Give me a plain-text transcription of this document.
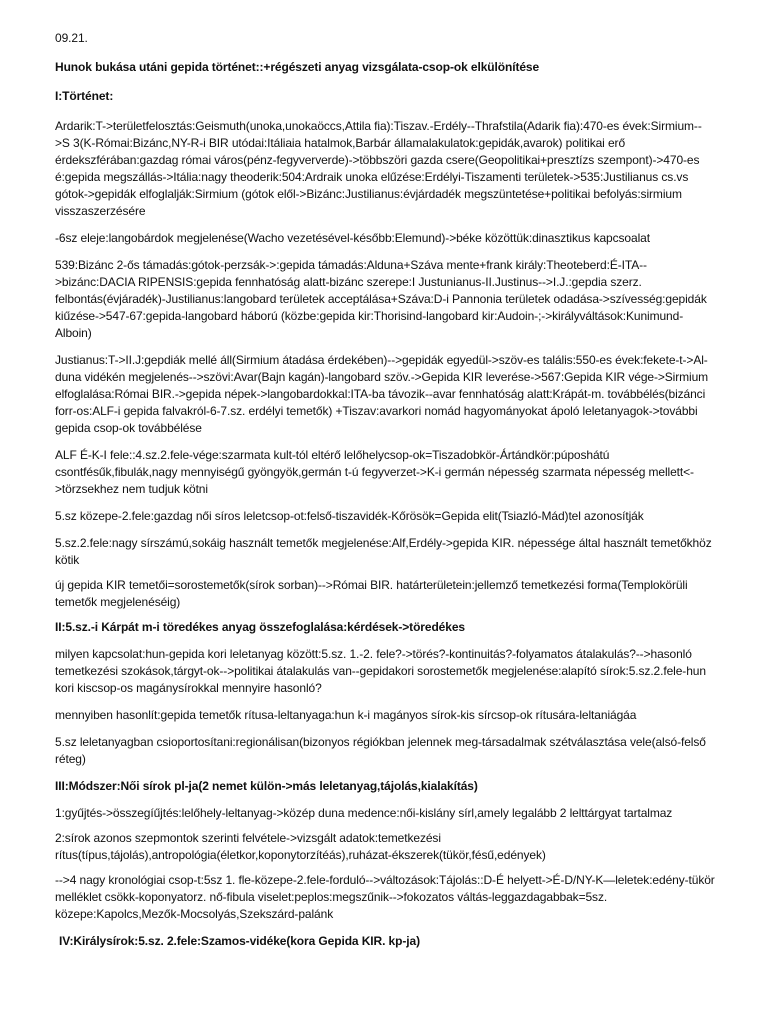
09.21.

Hunok bukása utáni gepida történet::+régészeti anyag vizsgálata-csop-ok elkülönítése

I:Történet:

Ardarik:T->területfelosztás:Geismuth(unoka,unokaöccs,Attila fia):Tiszav.-Erdély--Thrafstila(Adarik fia):470-es évek:Sirmium-->S 3(K-Római:Bizánc,NY-R-i BIR utódai:Itáliaia hatalmok,Barbár államalakulatok:gepidák,avarok) politikai erő érdekszférában:gazdag római város(pénz-fegyververde)->többszöri gazda csere(Geopolitikai+presztízs szempont)->470-es é:gepida megszállás->Itália:nagy theoderik:504:Ardraik unoka elűzése:Erdélyi-Tiszamenti területek->535:Justilianus cs.vs gótok->gepidák elfoglalják:Sirmium (gótok elől->Bizánc:Justilianus:évjárdadék megszüntetése+politikai befolyás:sirmium visszaszerzésére

-6sz eleje:langobárdok megjelenése(Wacho vezetésével-később:Elemund)->béke közöttük:dinasztikus kapcsoalat

539:Bizánc 2-ős támadás:gótok-perzsák->:gepida támadás:Alduna+Száva mente+frank király:Theoteberd:É-ITA-->bizánc:DACIA RIPENSIS:gepida fennhatóság alatt-bizánc szerepe:I Justunianus-II.Justinus-->I.J.:gepdia szerz. felbontás(évjáradék)-Justilianus:langobard területek acceptálása+Száva:D-i Pannonia területek odadása->szívesség:gepidák kiűzése->547-67:gepida-langobard háború (közbe:gepida kir:Thorisind-langobard kir:Audoin-;->királyváltások:Kunimund-Alboin)

Justianus:T->II.J:gepdiák mellé áll(Sirmium átadása érdekében)-->gepidák egyedül->szöv-es talális:550-es évek:fekete-t->Al-duna vidékén megjelenés-->szövi:Avar(Bajn kagán)-langobard szöv.->Gepida KIR leverése->567:Gepida KIR vége->Sirmium elfoglalása:Római BIR.->gepida népek->langobardokkal:ITA-ba távozik--avar fennhatóság alatt:Krápát-m. továbbélés(bizánci forr-os:ALF-i gepida falvakról-6-7.sz. erdélyi temetők) +Tiszav:avarkori nomád hagyományokat ápoló leletanyagok->további gepida csop-ok továbbélése

ALF É-K-I fele::4.sz.2.fele-vége:szarmata kult-tól eltérő lelőhelycsop-ok=Tiszadobkör-Ártándkör:púposhátú csontfésűk,fibulák,nagy mennyiségű gyöngyök,germán t-ú fegyverzet->K-i germán népesség szarmata népesség mellett<->törzsekhez nem tudjuk kötni

5.sz közepe-2.fele:gazdag női síros leletcsop-ot:felső-tiszavidék-Kőrösök=Gepida elit(Tsiazló-Mád)tel azonosítják

5.sz.2.fele:nagy sírszámú,sokáig használt temetők megjelenése:Alf,Erdély->gepida KIR. népessége által használt temetőkhöz kötik

új gepida KIR temetői=sorostemetők(sírok sorban)-->Római BIR. határterületein:jellemző temetkezési forma(Templokörüli temetők megjelenéséig)

II:5.sz.-i Kárpát m-i töredékes anyag összefoglalása:kérdések->töredékes

milyen kapcsolat:hun-gepida kori leletanyag között:5.sz. 1.-2. fele?->törés?-kontinuitás?-folyamatos átalakulás?-->hasonló temetkezési szokások,tárgyt-ok-->politikai átalakulás van--gepidakori sorostemetők megjelenése:alapító sírok:5.sz.2.fele-hun kori kiscsop-os magánysírokkal mennyire hasonló?

mennyiben hasonlít:gepida temetők rítusa-leltanyaga:hun k-i magányos sírok-kis sírcsop-ok rítusára-leltaniágáa

5.sz leletanyagban csioportosítani:regionálisan(bizonyos régiókban jelennek meg-társadalmak szétválasztása vele(alsó-felső réteg)

III:Módszer:Női sírok pl-ja(2 nemet külön->más leletanyag,tájolás,kialakítás)

1:gyűjtés->összegíűjtés:lelőhely-leltanyag->közép duna medence:női-kislány sírl,amely legalább 2 lelttárgyat tartalmaz

2:sírok azonos szepmontok szerinti felvétele->vizsgált adatok:temetkezési rítus(típus,tájolás),antropológia(életkor,koponytorzítéás),ruházat-ékszerek(tükör,fésű,edények)

-->4 nagy kronológiai csop-t:5sz 1. fle-közepe-2.fele-forduló-->változások:Tájolás::D-É helyett->É-D/NY-K—leletek:edény-tükör melléklet csökk-koponyatorz. nő-fibula viselet:peplos:megszűnik-->fokozatos váltás-leggazdagabbak=5sz. közepe:Kapolcs,Mezők-Mocsolyás,Szekszárd-palánk

IV:Királysírok:5.sz. 2.fele:Szamos-vidéke(kora Gepida KIR. kp-ja)
